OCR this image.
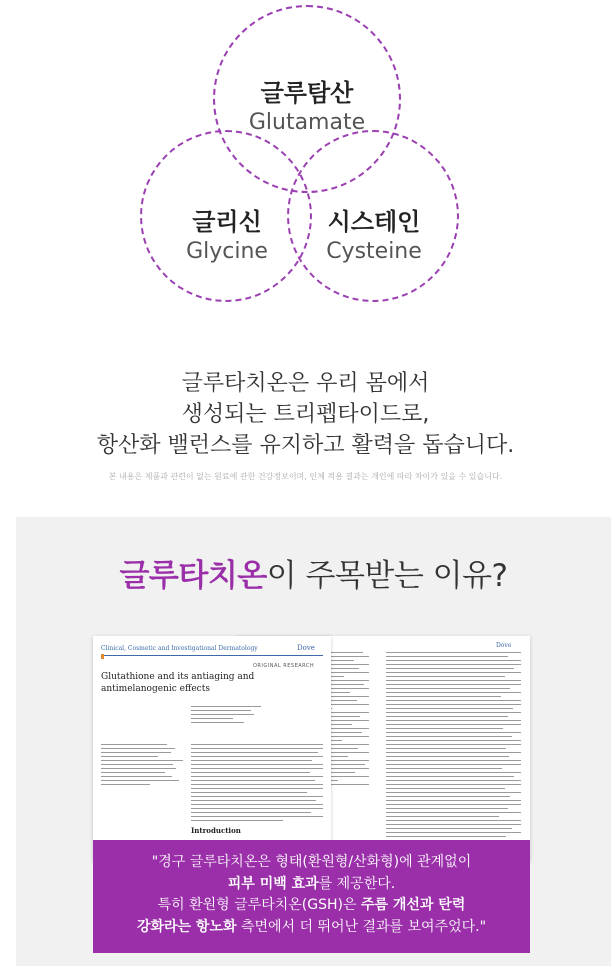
글루탐산
Glutamate
글리신
Glycine
시스테인
Cysteine
글루타치온은 우리 몸에서
생성되는 트리펩타이드로,
항산화 밸런스를 유지하고 활력을 돕습니다.
본 내용은 제품과 관련이 없는 원료에 관한 건강정보이며, 인체 적용 결과는 개인에 따라 차이가 있을 수 있습니다.
글루타치온이 주목받는 이유?
Dove
Clinical, Cosmetic and Investigational Dermatology	Dove
ORIGINAL RESEARCH
Glutathione and its antiaging and antimelanogenic effects
Introduction

"경구 글루타치온은 형태(환원형/산화형)에 관계없이

피부 미백 효과를 제공한다.

특히 환원형 글루타치온(GSH)은 주름 개선과 탄력

강화라는 항노화 측면에서 더 뛰어난 결과를 보여주었다."
